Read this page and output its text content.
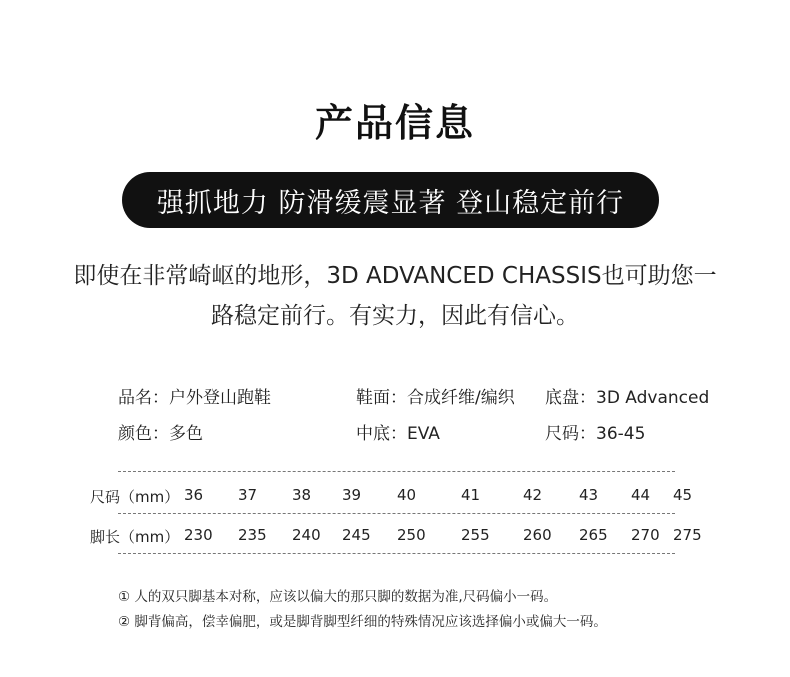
产品信息
强抓地力 防滑缓震显著 登山稳定前行
即使在非常崎岖的地形，3D ADVANCED CHASSIS也可助您一
路稳定前行。有实力，因此有信心。
品名：户外登山跑鞋	鞋面：合成纤维/编织 底盘：3D Advanced
颜色：多色	中底：EVA	尺码：36-45
尺码（mm） 36 37 38 39 40	41	42 43 44 45
脚长（mm） 230 235 240 245 250 255 260 265 270 275
① 人的双只脚基本对称，应该以偏大的那只脚的数据为准,尺码偏小一码。
② 脚背偏高，偿幸偏肥，或是脚背脚型纤细的特殊情况应该选择偏小或偏大一码。
